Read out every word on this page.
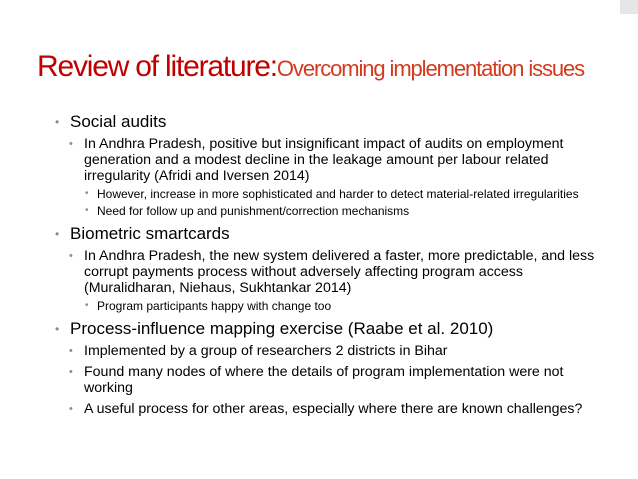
Review of literature:Overcoming implementation issues
• Social audits
• In Andhra Pradesh, positive but insignificant impact of audits on employment generation and a modest decline in the leakage amount per labour related irregularity (Afridi and Iversen 2014)
• However, increase in more sophisticated and harder to detect material-related irregularities
• Need for follow up and punishment/correction mechanisms
• Biometric smartcards
• In Andhra Pradesh, the new system delivered a faster, more predictable, and less corrupt payments process without adversely affecting program access (Muralidharan, Niehaus, Sukhtankar 2014)
• Program participants happy with change too
• Process-influence mapping exercise (Raabe et al. 2010)
• Implemented by a group of researchers 2 districts in Bihar
• Found many nodes of where the details of program implementation were not working
• A useful process for other areas, especially where there are known challenges?
